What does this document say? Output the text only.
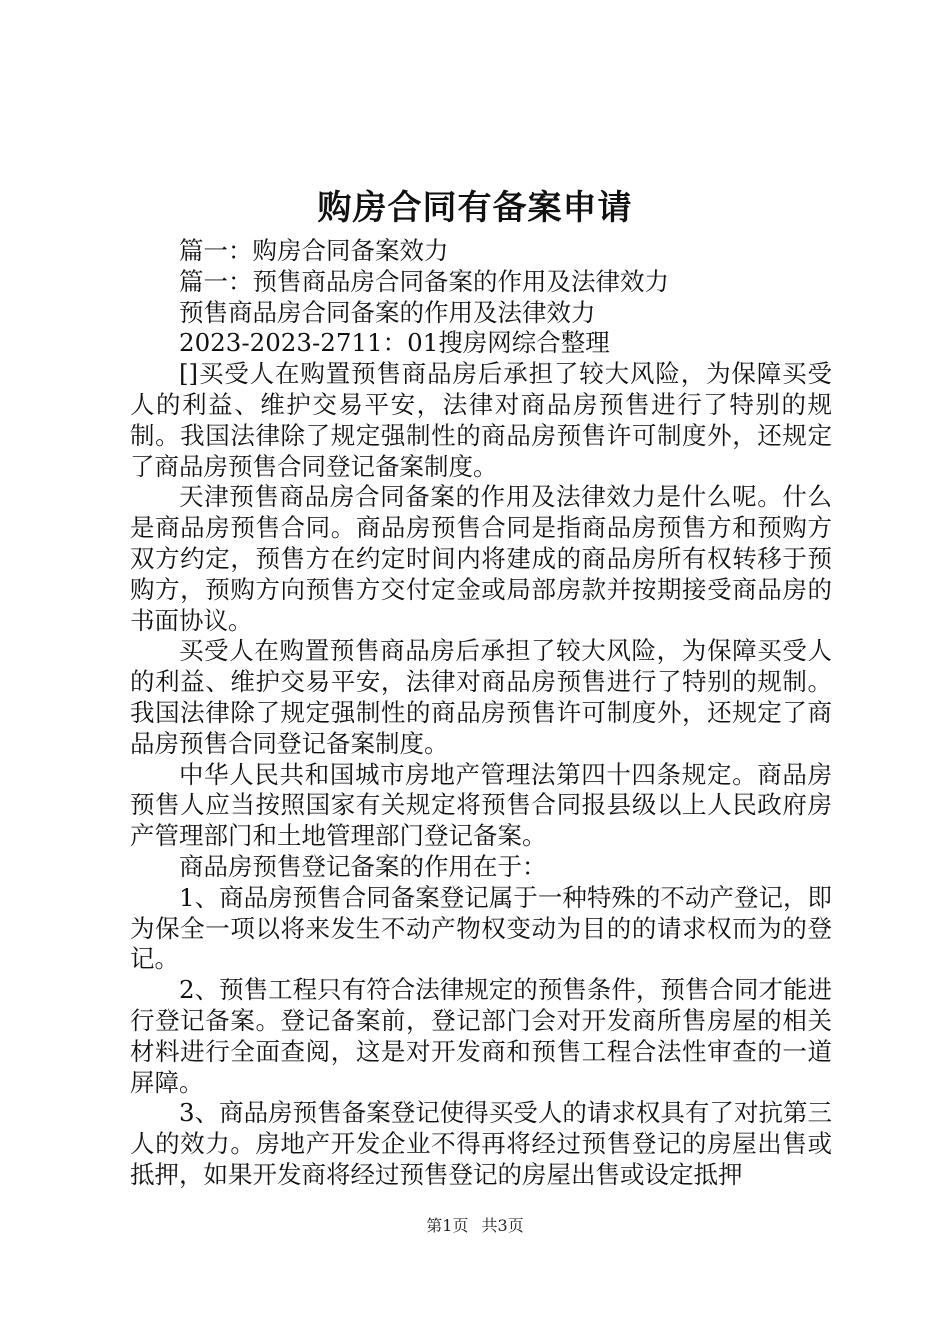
购房合同有备案申请

篇一：购房合同备案效力

篇一：预售商品房合同备案的作用及法律效力

预售商品房合同备案的作用及法律效力

2023-2023-2711：01搜房网综合整理

[]买受人在购置预售商品房后承担了较大风险，为保障买受人的利益、维护交易平安，法律对商品房预售进行了特别的规制。我国法律除了规定强制性的商品房预售许可制度外，还规定了商品房预售合同登记备案制度。

天津预售商品房合同备案的作用及法律效力是什么呢。什么是商品房预售合同。商品房预售合同是指商品房预售方和预购方双方约定，预售方在约定时间内将建成的商品房所有权转移于预购方，预购方向预售方交付定金或局部房款并按期接受商品房的书面协议。

买受人在购置预售商品房后承担了较大风险，为保障买受人的利益、维护交易平安，法律对商品房预售进行了特别的规制。我国法律除了规定强制性的商品房预售许可制度外，还规定了商品房预售合同登记备案制度。

中华人民共和国城市房地产管理法第四十四条规定。商品房预售人应当按照国家有关规定将预售合同报县级以上人民政府房产管理部门和土地管理部门登记备案。

商品房预售登记备案的作用在于：

1、商品房预售合同备案登记属于一种特殊的不动产登记，即为保全一项以将来发生不动产物权变动为目的的请求权而为的登记。

2、预售工程只有符合法律规定的预售条件，预售合同才能进行登记备案。登记备案前，登记部门会对开发商所售房屋的相关材料进行全面查阅，这是对开发商和预售工程合法性审查的一道屏障。

3、商品房预售备案登记使得买受人的请求权具有了对抗第三人的效力。房地产开发企业不得再将经过预售登记的房屋出售或抵押，如果开发商将经过预售登记的房屋出售或设定抵押

第1页 共3页
